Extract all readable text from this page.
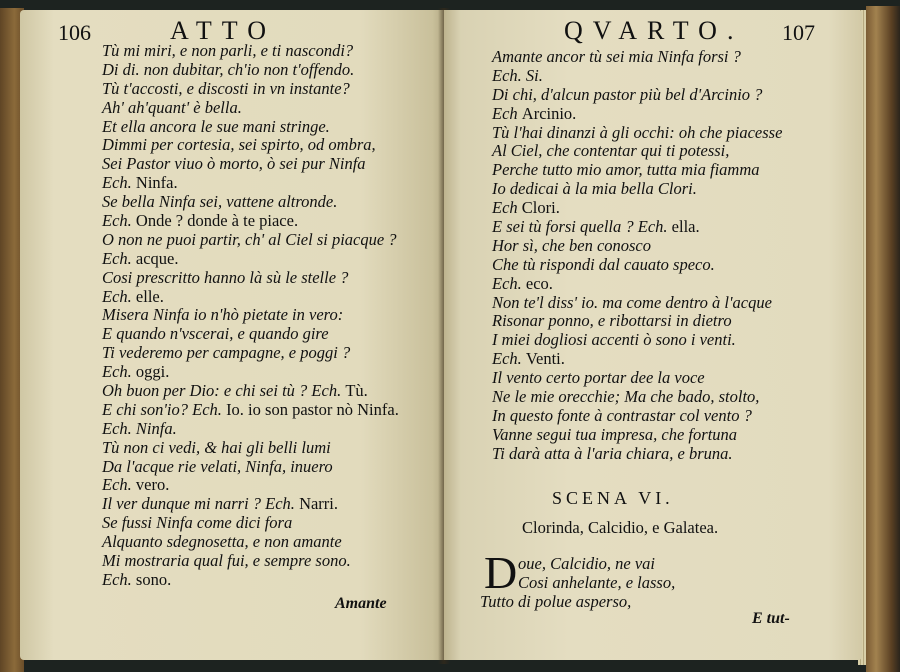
106	ATTO
Tù mi miri, e non parli, e ti nascondi?
Di di. non dubitar, ch'io non t'offendo.
Tù t'accosti, e discosti in vn instante?
Ah' ah'quant' è bella.
Et ella ancora le sue mani stringe.
Dimmi per cortesia, sei spirto, od ombra,
Sei Pastor viuo ò morto, ò sei pur Ninfa
Ech. Ninfa.
Se bella Ninfa sei, vattene altronde.
Ech. Onde ? donde à te piace.
O non ne puoi partir, ch' al Ciel si piacque ?
Ech. acque.
Cosi prescritto hanno là sù le stelle ?
Ech. elle.
Misera Ninfa io n'hò pietate in vero:
E quando n'vscerai, e quando gire
Ti vederemo per campagne, e poggi ?
Ech. oggi.
Oh buon per Dio: e chi sei tù ? Ech. Tù.
E chi son'io? Ech. Io. io son pastor nò Ninfa.
Ech. Ninfa.
Tù non ci vedi, & hai gli belli lumi
Da l'acque rie velati, Ninfa, inuero
Ech. vero.
Il ver dunque mi narri ? Ech. Narri.
Se fussi Ninfa come dici fora
Alquanto sdegnosetta, e non amante
Mi mostraria qual fui, e sempre sono.
Ech. sono.
Amante
QVARTO. 107
Amante ancor tù sei mia Ninfa forsi ?
Ech. Si.
Di chi, d'alcun pastor più bel d'Arcinio ?
Ech Arcinio.
Tù l'hai dinanzi à gli occhi: oh che piacesse
Al Ciel, che contentar qui ti potessi,
Perche tutto mio amor, tutta mia fiamma
Io dedicai à la mia bella Clori.
Ech Clori.
E sei tù forsi quella ? Ech. ella.
Hor sì, che ben conosco
Che tù rispondi dal cauato speco.
Ech. eco.
Non te'l diss' io. ma come dentro à l'acque
Risonar ponno, e ribottarsi in dietro
I miei dogliosi accenti ò sono i venti.
Ech. Venti.
Il vento certo portar dee la voce
Ne le mie orecchie; Ma che bado, stolto,
In questo fonte à contrastar col vento ?
Vanne segui tua impresa, che fortuna
Ti darà atta à l'aria chiara, e bruna.
SCENA VI.
Clorinda, Calcidio, e Galatea.
D oue, Calcidio, ne vai
Cosi anhelante, e lasso,
Tutto di polue asperso,
E tut-
